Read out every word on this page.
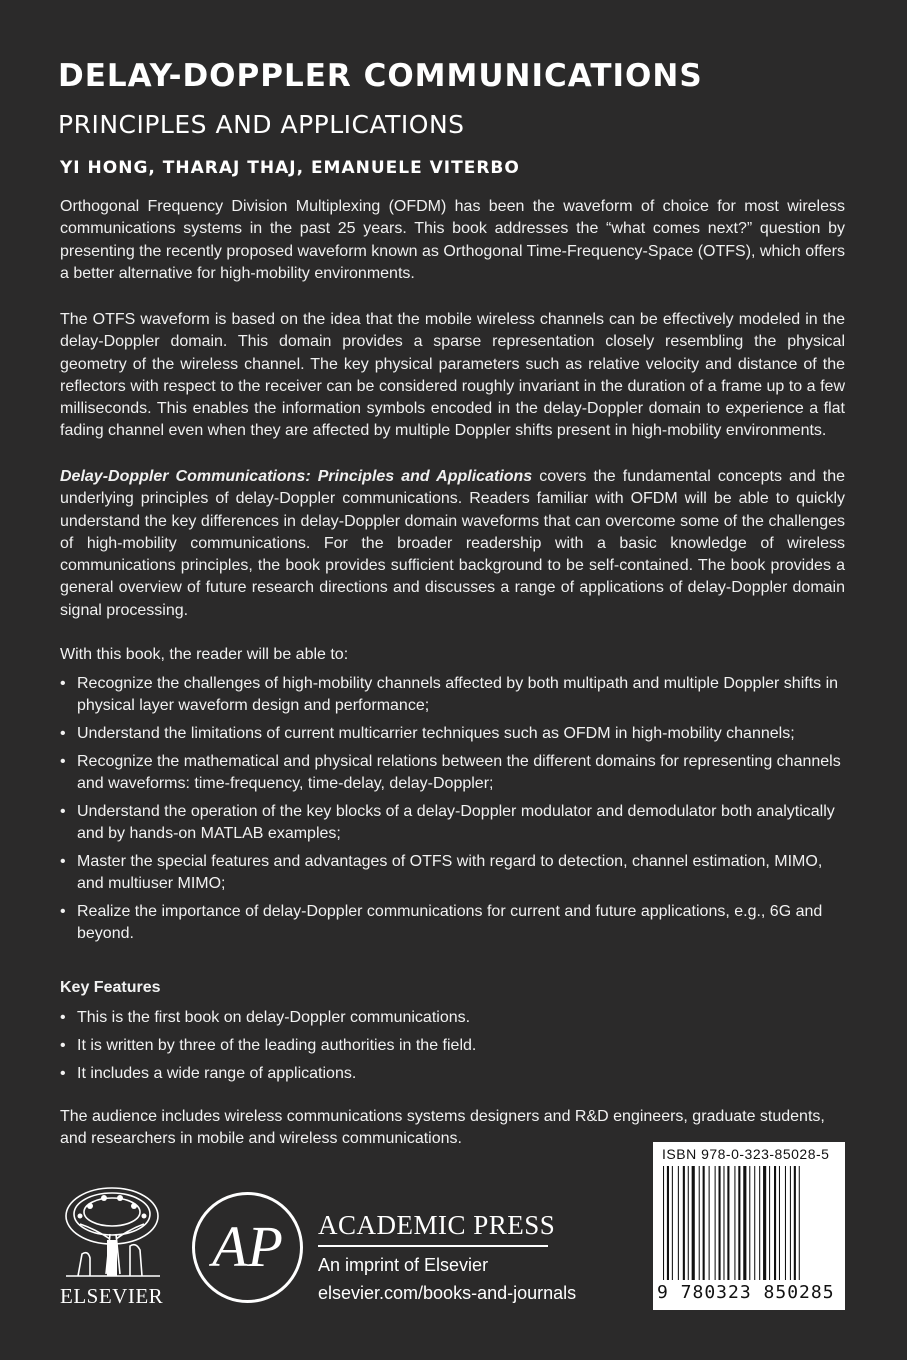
DELAY-DOPPLER COMMUNICATIONS
PRINCIPLES AND APPLICATIONS
YI HONG, THARAJ THAJ, EMANUELE VITERBO
Orthogonal Frequency Division Multiplexing (OFDM) has been the waveform of choice for most wireless communications systems in the past 25 years. This book addresses the “what comes next?” question by presenting the recently proposed waveform known as Orthogonal Time-Frequency-Space (OTFS), which offers a better alternative for high-mobility environments.
The OTFS waveform is based on the idea that the mobile wireless channels can be effectively modeled in the delay-Doppler domain. This domain provides a sparse representation closely resembling the physical geometry of the wireless channel. The key physical parameters such as relative velocity and distance of the reflectors with respect to the receiver can be considered roughly invariant in the duration of a frame up to a few milliseconds. This enables the information symbols encoded in the delay-Doppler domain to experience a flat fading channel even when they are affected by multiple Doppler shifts present in high-mobility environments.
Delay-Doppler Communications: Principles and Applications covers the fundamental concepts and the underlying principles of delay-Doppler communications. Readers familiar with OFDM will be able to quickly understand the key differences in delay-Doppler domain waveforms that can overcome some of the challenges of high-mobility communications. For the broader readership with a basic knowledge of wireless communications principles, the book provides sufficient background to be self-contained. The book provides a general overview of future research directions and discusses a range of applications of delay-Doppler domain signal processing.
With this book, the reader will be able to:
• Recognize the challenges of high-mobility channels affected by both multipath and multiple Doppler shifts in physical layer waveform design and performance;
• Understand the limitations of current multicarrier techniques such as OFDM in high-mobility channels;
• Recognize the mathematical and physical relations between the different domains for representing channels and waveforms: time-frequency, time-delay, delay-Doppler;
• Understand the operation of the key blocks of a delay-Doppler modulator and demodulator both analytically and by hands-on MATLAB examples;
• Master the special features and advantages of OTFS with regard to detection, channel estimation, MIMO, and multiuser MIMO;
• Realize the importance of delay-Doppler communications for current and future applications, e.g., 6G and beyond.
Key Features
• This is the first book on delay-Doppler communications.
• It is written by three of the leading authorities in the field.
• It includes a wide range of applications.
The audience includes wireless communications systems designers and R&D engineers, graduate students, and researchers in mobile and wireless communications.
ELSEVIER
AP ACADEMIC PRESS
An imprint of Elsevier
elsevier.com/books-and-journals
ISBN 978-0-323-85028-5
9 780323 850285
